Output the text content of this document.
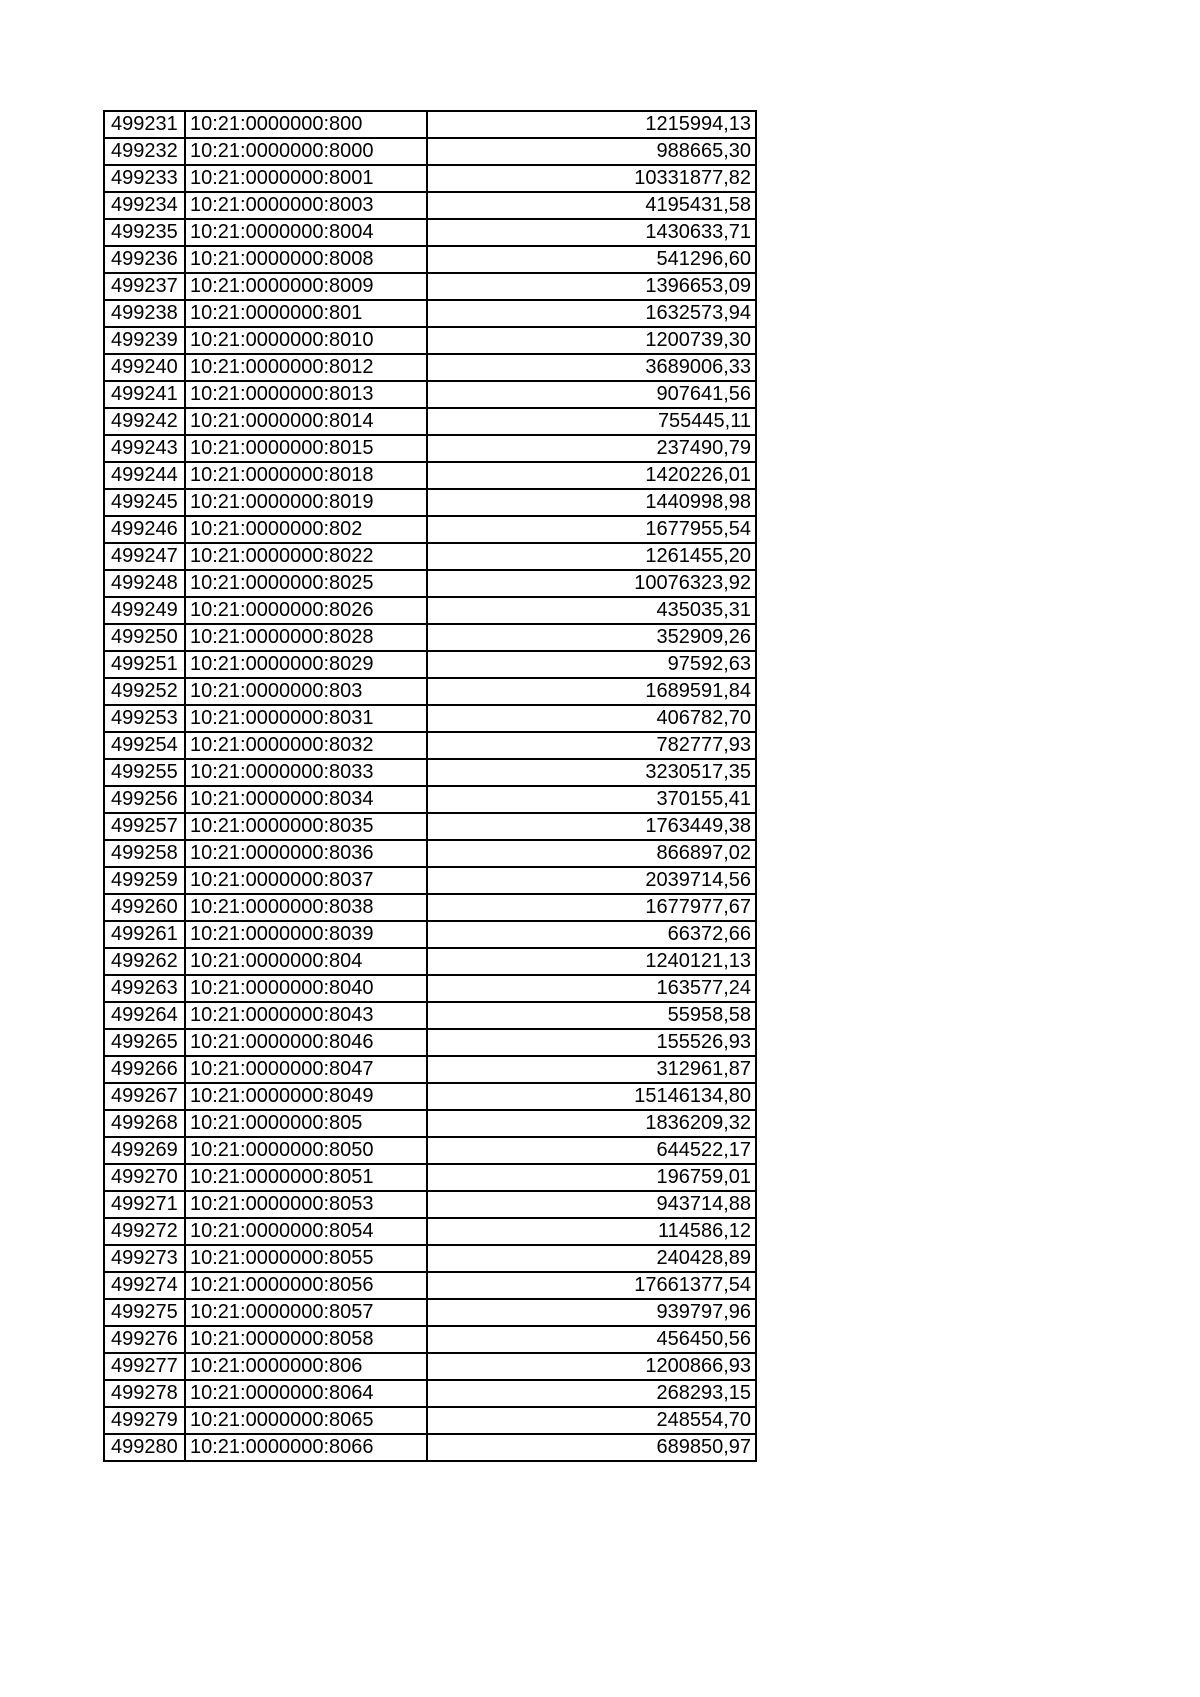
499231	10:21:0000000:800	1215994,13
499232	10:21:0000000:8000	988665,30
499233	10:21:0000000:8001	10331877,82
499234	10:21:0000000:8003	4195431,58
499235	10:21:0000000:8004	1430633,71
499236	10:21:0000000:8008	541296,60
499237	10:21:0000000:8009	1396653,09
499238	10:21:0000000:801	1632573,94
499239	10:21:0000000:8010	1200739,30
499240	10:21:0000000:8012	3689006,33
499241	10:21:0000000:8013	907641,56
499242	10:21:0000000:8014	755445,11
499243	10:21:0000000:8015	237490,79
499244	10:21:0000000:8018	1420226,01
499245	10:21:0000000:8019	1440998,98
499246	10:21:0000000:802	1677955,54
499247	10:21:0000000:8022	1261455,20
499248	10:21:0000000:8025	10076323,92
499249	10:21:0000000:8026	435035,31
499250	10:21:0000000:8028	352909,26
499251	10:21:0000000:8029	97592,63
499252	10:21:0000000:803	1689591,84
499253	10:21:0000000:8031	406782,70
499254	10:21:0000000:8032	782777,93
499255	10:21:0000000:8033	3230517,35
499256	10:21:0000000:8034	370155,41
499257	10:21:0000000:8035	1763449,38
499258	10:21:0000000:8036	866897,02
499259	10:21:0000000:8037	2039714,56
499260	10:21:0000000:8038	1677977,67
499261	10:21:0000000:8039	66372,66
499262	10:21:0000000:804	1240121,13
499263	10:21:0000000:8040	163577,24
499264	10:21:0000000:8043	55958,58
499265	10:21:0000000:8046	155526,93
499266	10:21:0000000:8047	312961,87
499267	10:21:0000000:8049	15146134,80
499268	10:21:0000000:805	1836209,32
499269	10:21:0000000:8050	644522,17
499270	10:21:0000000:8051	196759,01
499271	10:21:0000000:8053	943714,88
499272	10:21:0000000:8054	114586,12
499273	10:21:0000000:8055	240428,89
499274	10:21:0000000:8056	17661377,54
499275	10:21:0000000:8057	939797,96
499276	10:21:0000000:8058	456450,56
499277	10:21:0000000:806	1200866,93
499278	10:21:0000000:8064	268293,15
499279	10:21:0000000:8065	248554,70
499280	10:21:0000000:8066	689850,97
